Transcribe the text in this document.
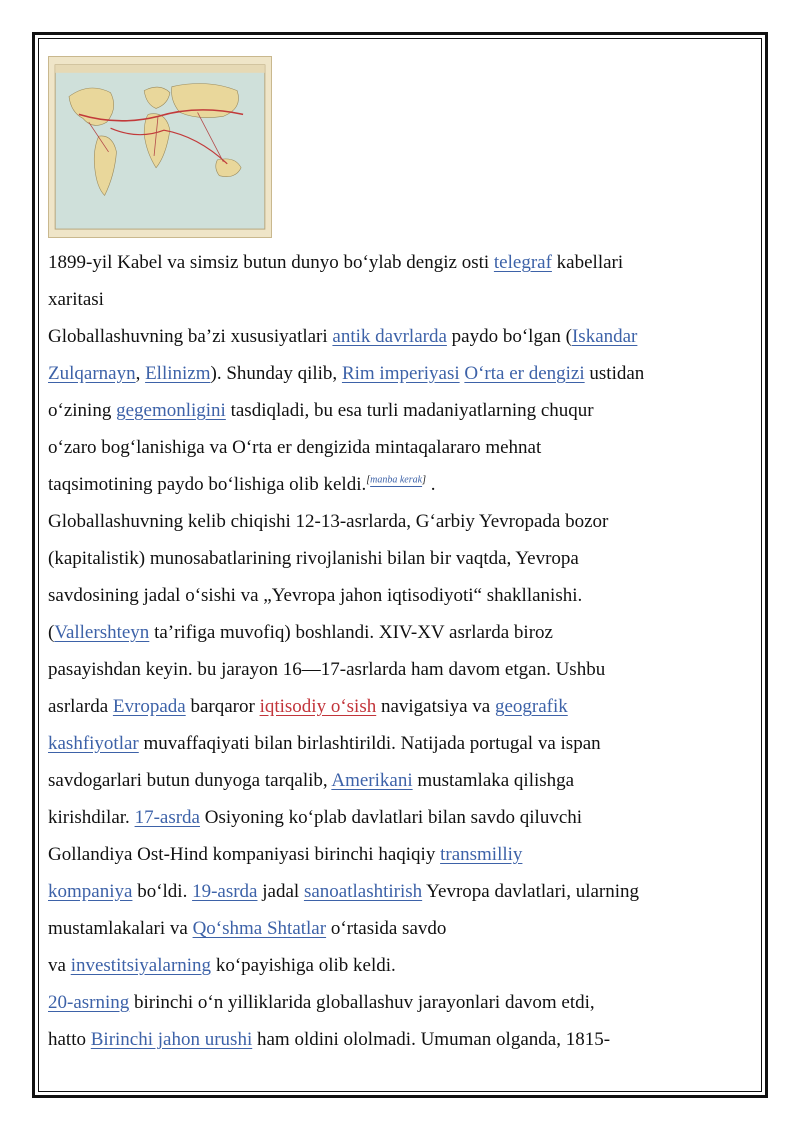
1899-yil Kabel va simsiz butun dunyo bo‘ylab dengiz osti telegraf kabellari
xaritasi
Globallashuvning ba’zi xususiyatlari antik davrlarda paydo bo‘lgan (Iskandar
Zulqarnayn, Ellinizm). Shunday qilib, Rim imperiyasi O‘rta er dengizi ustidan
o‘zining gegemonligini tasdiqladi, bu esa turli madaniyatlarning chuqur
o‘zaro bog‘lanishiga va O‘rta er dengizida mintaqalararo mehnat
taqsimotining paydo bo‘lishiga olib keldi.[manba kerak] .
Globallashuvning kelib chiqishi 12-13-asrlarda, G‘arbiy Yevropada bozor
(kapitalistik) munosabatlarining rivojlanishi bilan bir vaqtda, Yevropa
savdosining jadal o‘sishi va „Yevropa jahon iqtisodiyoti“ shakllanishi.
(Vallershteyn ta’rifiga muvofiq) boshlandi. XIV-XV asrlarda biroz
pasayishdan keyin. bu jarayon 16—17-asrlarda ham davom etgan. Ushbu
asrlarda Evropada barqaror iqtisodiy o‘sish navigatsiya va geografik
kashfiyotlar muvaffaqiyati bilan birlashtirildi. Natijada portugal va ispan
savdogarlari butun dunyoga tarqalib, Amerikani mustamlaka qilishga
kirishdilar. 17-asrda Osiyoning ko‘plab davlatlari bilan savdo qiluvchi
Gollandiya Ost-Hind kompaniyasi birinchi haqiqiy transmilliy
kompaniya bo‘ldi. 19-asrda jadal sanoatlashtirish Yevropa davlatlari, ularning
mustamlakalari va Qo‘shma Shtatlar o‘rtasida savdo
va investitsiyalarning ko‘payishiga olib keldi.
20-asrning birinchi o‘n yilliklarida globallashuv jarayonlari davom etdi,
hatto Birinchi jahon urushi ham oldini ololmadi. Umuman olganda, 1815-
